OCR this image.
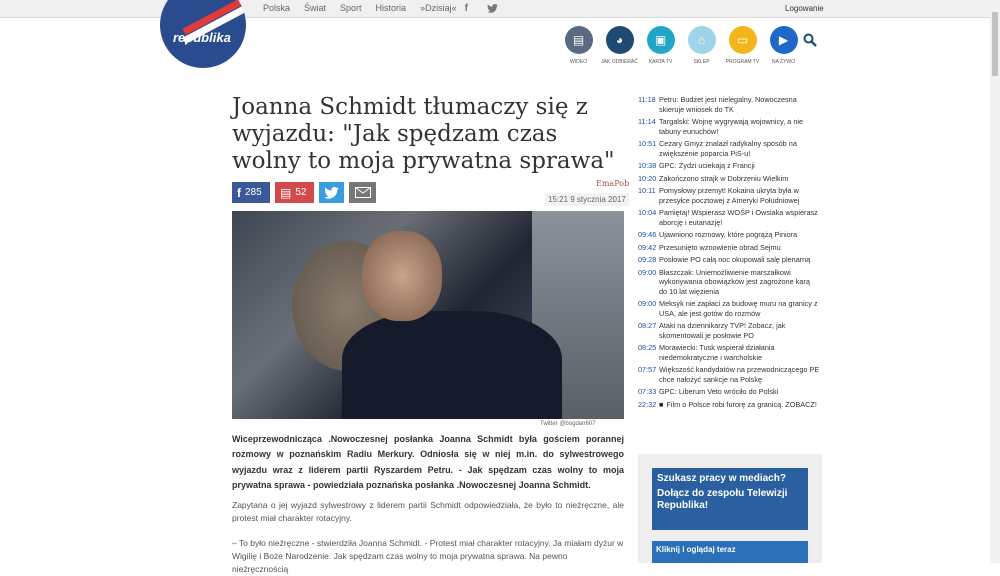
Polska Świat Sport Historia »Dzisiaj« f	Logowanie
republika	▤
WIDEO
◕
JAK ODBIERAĆ
▣
KARTA TV
⌂
SKLEP
▭
PROGRAM TV
▶
NA ŻYWO
Joanna Schmidt tłumaczy się z wyjazdu: "Jak spędzam czas wolny to moja prywatna sprawa"
EmaPob
f 285 ▤ 52
15:21 9 stycznia 2017
Twitter @bogdan607
Wiceprzewodnicząca .Nowoczesnej posłanka Joanna Schmidt była gościem porannej rozmowy w poznańskim Radiu Merkury. Odniosła się w niej m.in. do sylwestrowego wyjazdu wraz z liderem partii Ryszardem Petru. - Jak spędzam czas wolny to moja prywatna sprawa - powiedziała poznańska posłanka .Nowoczesnej Joanna Schmidt.
Zapytana o jej wyjazd sylwestrowy z liderem partii Schmidt odpowiedziała, że było to nieźręczne, ale protest miał charakter rotacyjny.
– To było nieźręczne - stwierdziła Joanna Schmidt. - Protest miał charakter rotacyjny. Ja miałam dyżur w Wigilię i Boże Narodzenie. Jak spędzam czas wolny to moja prywatna sprawa. Na pewno nieźręcznością
11:18 Petru: Budżet jest nielegalny. Nowoczesna skieruje wniosek do TK
11:14 Targalski: Wojnę wygrywają wojownicy, a nie tabuny eunuchów!
10:51 Cezary Gmyz znalazł radykalny sposób na zwiększenie poparcia PiS-u!
10:38 GPC: Żydzi uciekają z Francji
10:20 Zakończono strajk w Dobrzeniu Wielkim
10:11 Pomysłowy przemyt! Kokaina ukryta była w przesyłce pocztowej z Ameryki Południowej
10:04 Pamiętaj! Wspierasz WOŚP i Owsiaka wspierasz aborcję i eutanazję!
09:46 Ujawniono rozmowy, które pogrążą Piniora
09:42 Przesunięto wznowienie obrad Sejmu
09:28 Posłowie PO całą noc okupowali salę plenarną
09:00 Błaszczak: Uniemożliwienie marszałkowi wykonywania obowiązków jest zagrożone karą do 10 lat więzienia
09:00 Meksyk nie zapłaci za budowę muru na granicy z USA, ale jest gotów do rozmów
08:27 Ataki na dziennikarzy TVP! Zobacz, jak skomentowali je posłowie PO
08:25 Morawiecki: Tusk wspierał działania niedemokratyczne i warcholskie
07:57 Większość kandydatów na przewodniczącego PE chce nałożyć sankcje na Polskę
07:33 GPC: Liberum Veto wróciło do Polski
22:32 ■ Film o Polsce robi furorę za granicą. ZOBACZ!
Szukasz pracy w mediach?
Dołącz do zespołu Telewizji Republika!
Kliknij i oglądaj teraz
